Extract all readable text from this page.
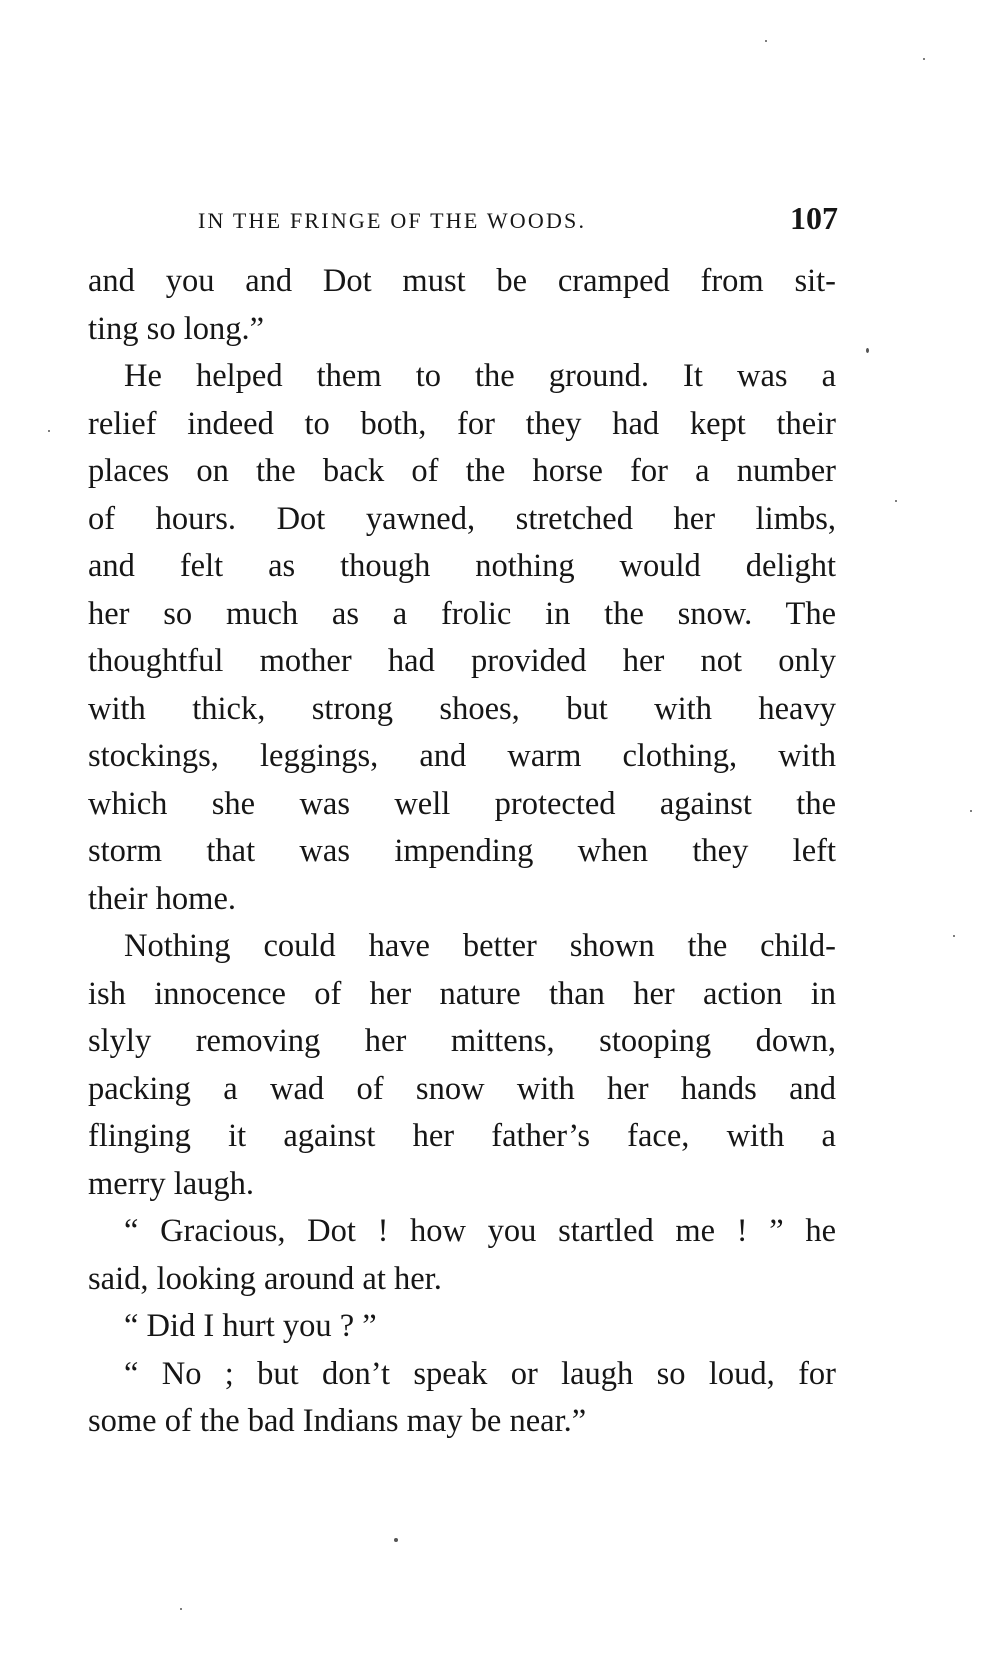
IN THE FRINGE OF THE WOODS.	107
and you and Dot must be cramped from sit-
ting so long.”
He helped them to the ground. It was a
relief indeed to both, for they had kept their
places on the back of the horse for a number
of hours. Dot yawned, stretched her limbs,
and felt as though nothing would delight
her so much as a frolic in the snow. The
thoughtful mother had provided her not only
with thick, strong shoes, but with heavy
stockings, leggings, and warm clothing, with
which she was well protected against the
storm that was impending when they left
their home.
Nothing could have better shown the child-
ish innocence of her nature than her action in
slyly removing her mittens, stooping down,
packing a wad of snow with her hands and
flinging it against her father’s face, with a
merry laugh.
“ Gracious, Dot ! how you startled me ! ” he
said, looking around at her.
“ Did I hurt you ? ”
“ No ; but don’t speak or laugh so loud, for
some of the bad Indians may be near.”
